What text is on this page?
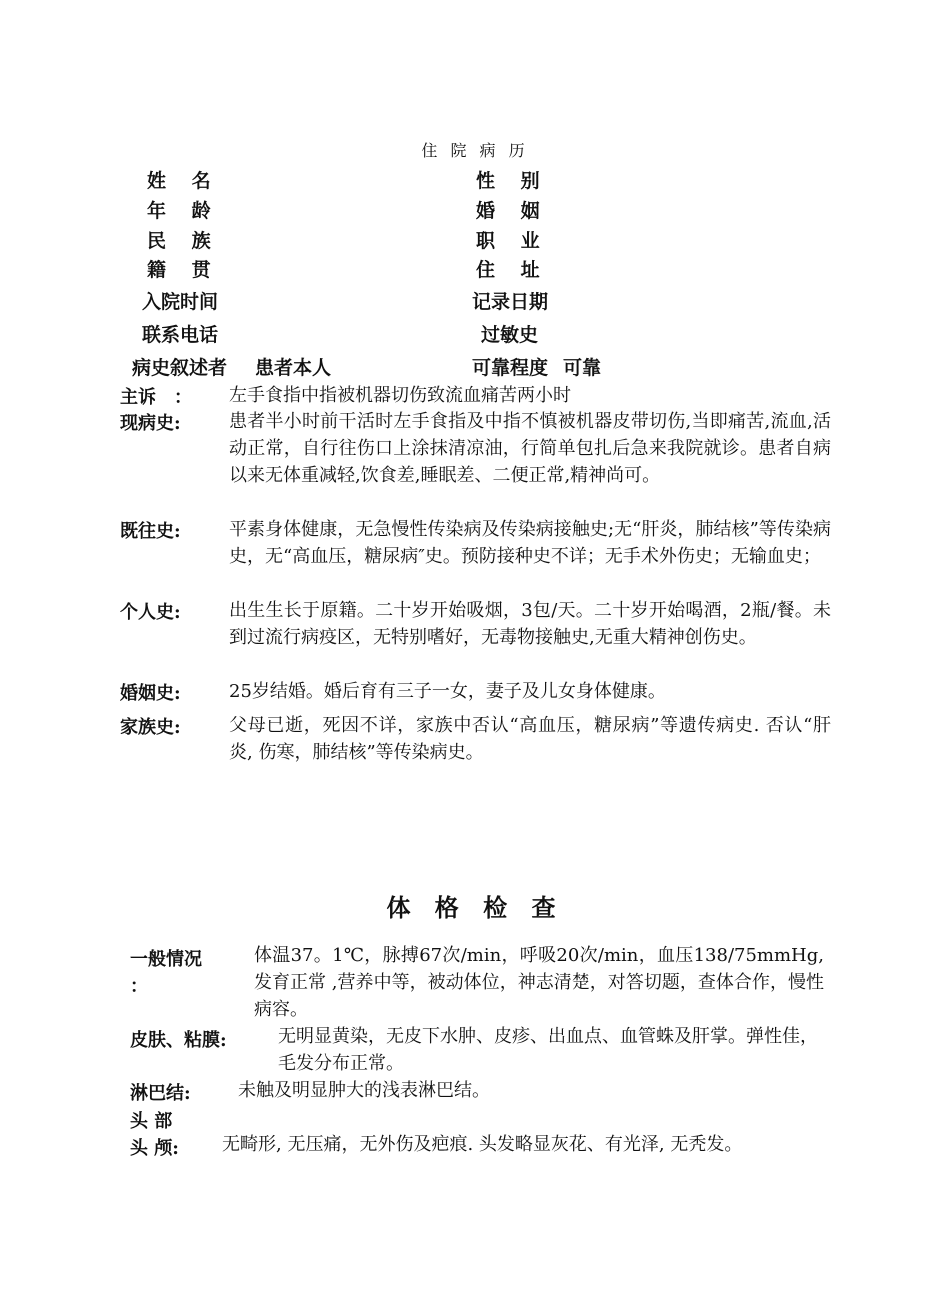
住 院 病 历
姓　 名	性　 别
年　 龄	婚　 姻
民　 族	职　 业
籍　 贯	住　 址
入院时间	记录日期
联系电话	过敏史
病史叙述者 患者本人	可靠程度 可靠
主诉　： 左手食指中指被机器切伤致流血痛苦两小时
现病史:	患者半小时前干活时左手食指及中指不慎被机器皮带切伤,当即痛苦,流血,活动正常，自行往伤口上涂抹清凉油，行简单包扎后急来我院就诊。患者自病以来无体重减轻,饮食差,睡眠差、二便正常,精神尚可。
既往史:	平素身体健康，无急慢性传染病及传染病接触史;无“肝炎，肺结核”等传染病史，无“高血压，糖尿病″史。预防接种史不详；无手术外伤史；无输血史；
个人史:	出生生长于原籍。二十岁开始吸烟，3包/天。二十岁开始喝酒，2瓶/餐。未到过流行病疫区，无特别嗜好，无毒物接触史,无重大精神创伤史。
婚姻史:	25岁结婚。婚后育有三子一女，妻子及儿女身体健康。
家族史:	父母已逝，死因不详，家族中否认“高血压，糖尿病”等遗传病史. 否认“肝炎, 伤寒，肺结核”等传染病史。
体 格 检 查
一般情况
：
体温37。1℃，脉搏67次/min，呼吸20次/min，血压138/75mmHg,发育正常 ,营养中等，被动体位，神志清楚，对答切题，查体合作，慢性病容。
皮肤、粘膜:	无明显黄染，无皮下水肿、皮疹、出血点、血管蛛及肝掌。弹性佳，毛发分布正常。
淋巴结:	未触及明显肿大的浅表淋巴结。
头 部
头 颅: 无畸形, 无压痛，无外伤及疤痕. 头发略显灰花、有光泽, 无秃发。
